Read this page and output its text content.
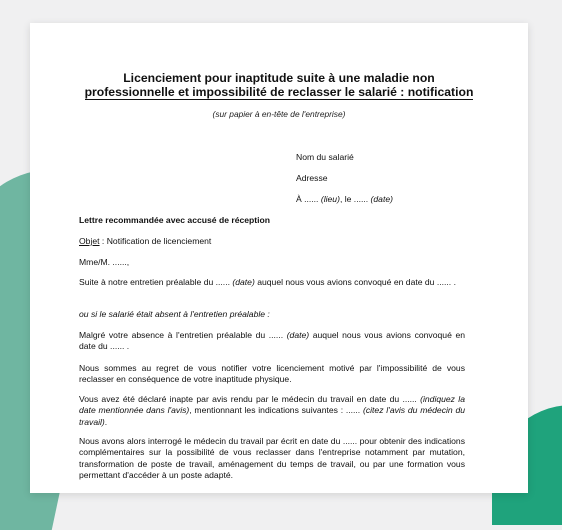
Licenciement pour inaptitude suite à une maladie non
professionnelle et impossibilité de reclasser le salarié : notification
(sur papier à en-tête de l'entreprise)
Nom du salarié
Adresse
À ...... (lieu), le ...... (date)

Lettre recommandée avec accusé de réception

Objet : Notification de licenciement

Mme/M. ......,

Suite à notre entretien préalable du ...... (date) auquel nous vous avions convoqué en date du ...... .

ou si le salarié était absent à l'entretien préalable :

Malgré votre absence à l'entretien préalable du ...... (date) auquel nous vous avions convoqué en date du ...... .

Nous sommes au regret de vous notifier votre licenciement motivé par l'impossibilité de vous reclasser en conséquence de votre inaptitude physique.

Vous avez été déclaré inapte par avis rendu par le médecin du travail en date du ...... (indiquez la date mentionnée dans l'avis), mentionnant les indications suivantes : ...... (citez l'avis du médecin du travail).

Nous avons alors interrogé le médecin du travail par écrit en date du ...... pour obtenir des indications complémentaires sur la possibilité de vous reclasser dans l'entreprise notamment par mutation, transformation de poste de travail, aménagement du temps de travail, ou par une formation vous permettant d'accéder à un poste adapté.
